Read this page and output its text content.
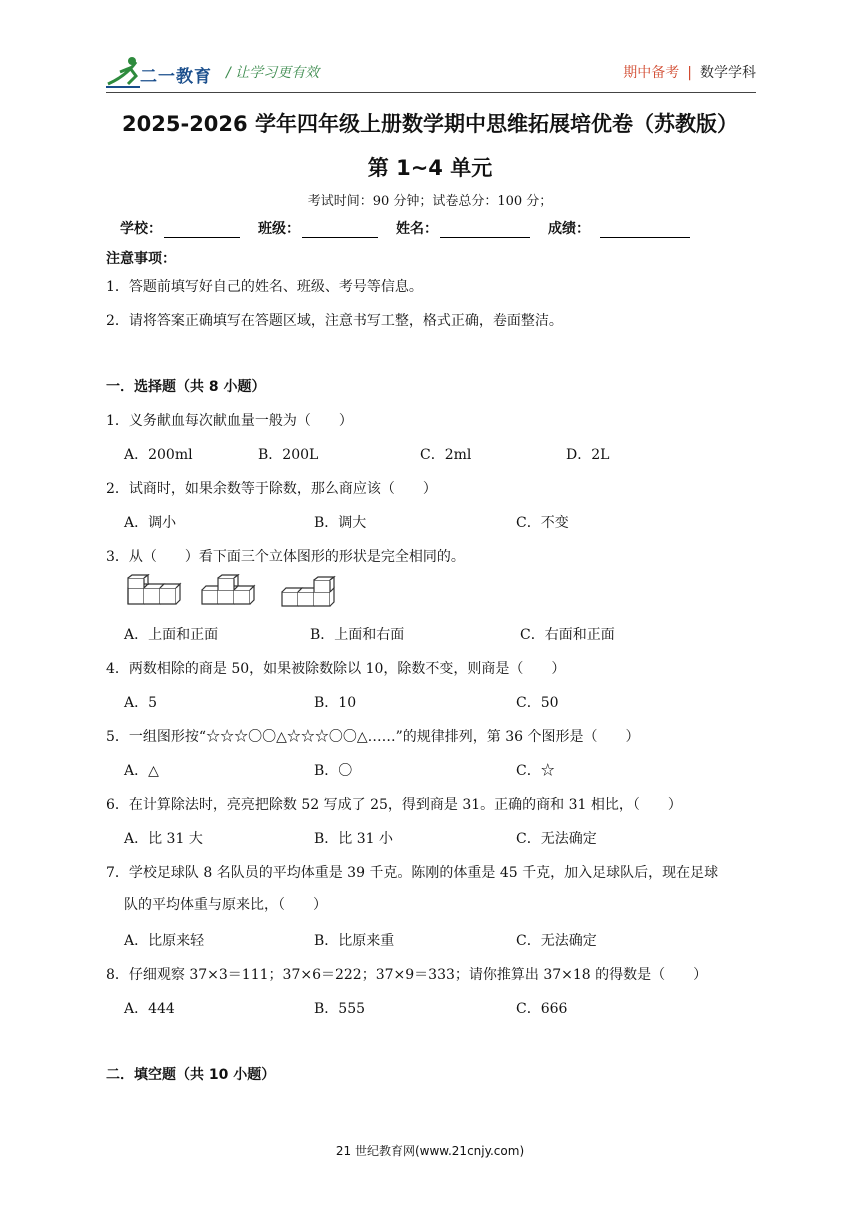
二一教育 / 让学习更有效	期中备考 | 数学学科
2025-2026 学年四年级上册数学期中思维拓展培优卷（苏教版）
第 1~4 单元
考试时间：90 分钟；试卷总分：100 分；
学校：	班级：	姓名：	成绩：
注意事项：
1．答题前填写好自己的姓名、班级、考号等信息。
2．请将答案正确填写在答题区域，注意书写工整，格式正确，卷面整洁。
一．选择题（共 8 小题）
1．义务献血每次献血量一般为（　　）
A．200ml	B．200L	C．2ml	D．2L
2．试商时，如果余数等于除数，那么商应该（　　）
A．调小	B．调大	C．不变
3．从（　　）看下面三个立体图形的形状是完全相同的。
A．上面和正面	B．上面和右面	C．右面和正面
4．两数相除的商是 50，如果被除数除以 10，除数不变，则商是（　　）
A．5	B．10	C．50
5．一组图形按“☆☆☆〇〇△☆☆☆〇〇△……”的规律排列，第 36 个图形是（　　）
A．△	B．〇	C．☆
6．在计算除法时，亮亮把除数 52 写成了 25，得到商是 31。正确的商和 31 相比，（　　）
A．比 31 大	B．比 31 小	C．无法确定
7．学校足球队 8 名队员的平均体重是 39 千克。陈刚的体重是 45 千克，加入足球队后，现在足球
队的平均体重与原来比，（　　）
A．比原来轻	B．比原来重	C．无法确定
8．仔细观察 37×3＝111；37×6＝222；37×9＝333；请你推算出 37×18 的得数是（　　）
A．444	B．555	C．666
二．填空题（共 10 小题）
21 世纪教育网(www.21cnjy.com)
